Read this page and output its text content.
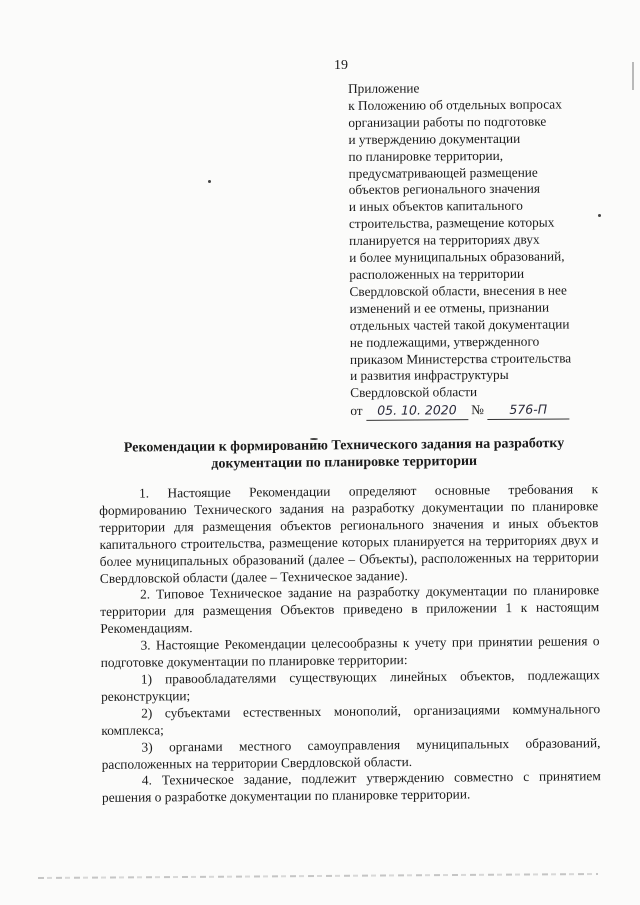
19
Приложение
к Положению об отдельных вопросах
организации работы по подготовке
и утверждению документации
по планировке территории,
предусматривающей размещение
объектов регионального значения
и иных объектов капитального
строительства, размещение которых
планируется на территориях двух
и более муниципальных образований,
расположенных на территории
Свердловской области, внесения в нее
изменений и ее отмены, признании
отдельных частей такой документации
не подлежащими, утвержденного
приказом Министерства строительства
и развития инфраструктуры
Свердловской области
от 05. 10. 2020 № 576-П
Рекомендации к формированию Технического задания на разработку
документации по планировке территории

1. Настоящие Рекомендации определяют основные требования к формированию Технического задания на разработку документации по планировке территории для размещения объектов регионального значения и иных объектов капитального строительства, размещение которых планируется на территориях двух и более муниципальных образований (далее – Объекты), расположенных на территории Свердловской области (далее – Техническое задание).

2. Типовое Техническое задание на разработку документации по планировке территории для размещения Объектов приведено в приложении 1 к настоящим Рекомендациям.

3. Настоящие Рекомендации целесообразны к учету при принятии решения о подготовке документации по планировке территории:

1) правообладателями существующих линейных объектов, подлежащих реконструкции;

2) субъектами естественных монополий, организациями коммунального комплекса;

3) органами местного самоуправления муниципальных образований, расположенных на территории Свердловской области.

4. Техническое задание, подлежит утверждению совместно с принятием решения о разработке документации по планировке территории.
